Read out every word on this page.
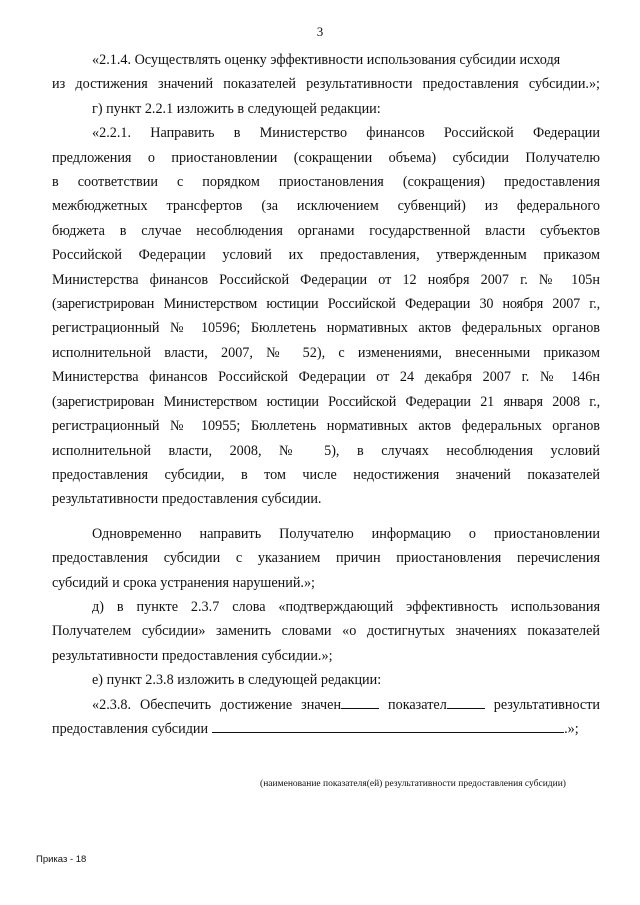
3
«2.1.4. Осуществлять оценку эффективности использования субсидии исходя
из достижения значений показателей результативности предоставления субсидии.»;
г) пункт 2.2.1 изложить в следующей редакции:
«2.2.1. Направить в Министерство финансов Российской Федерации
предложения о приостановлении (сокращении объема) субсидии Получателю
в соответствии с порядком приостановления (сокращения) предоставления
межбюджетных трансфертов (за исключением субвенций) из федерального
бюджета в случае несоблюдения органами государственной власти субъектов
Российской Федерации условий их предоставления, утвержденным приказом
Министерства финансов Российской Федерации от 12 ноября 2007 г. № 105н
(зарегистрирован Министерством юстиции Российской Федерации 30 ноября 2007 г.,
регистрационный № 10596; Бюллетень нормативных актов федеральных органов
исполнительной власти, 2007, № 52), с изменениями, внесенными приказом
Министерства финансов Российской Федерации от 24 декабря 2007 г. № 146н
(зарегистрирован Министерством юстиции Российской Федерации 21 января 2008 г.,
регистрационный № 10955; Бюллетень нормативных актов федеральных органов
исполнительной власти, 2008, № 5), в случаях несоблюдения условий
предоставления субсидии, в том числе недостижения значений показателей
результативности предоставления субсидии.
Одновременно направить Получателю информацию о приостановлении
предоставления субсидии с указанием причин приостановления перечисления
субсидий и срока устранения нарушений.»;
д) в пункте 2.3.7 слова «подтверждающий эффективность использования
Получателем субсидии» заменить словами «о достигнутых значениях показателей
результативности предоставления субсидии.»;
е) пункт 2.3.8 изложить в следующей редакции:
«2.3.8. Обеспечить достижение значен	показател	результативности
предоставления субсидии	.»;
(наименование показателя(ей) результативности предоставления субсидии)
Приказ - 18
